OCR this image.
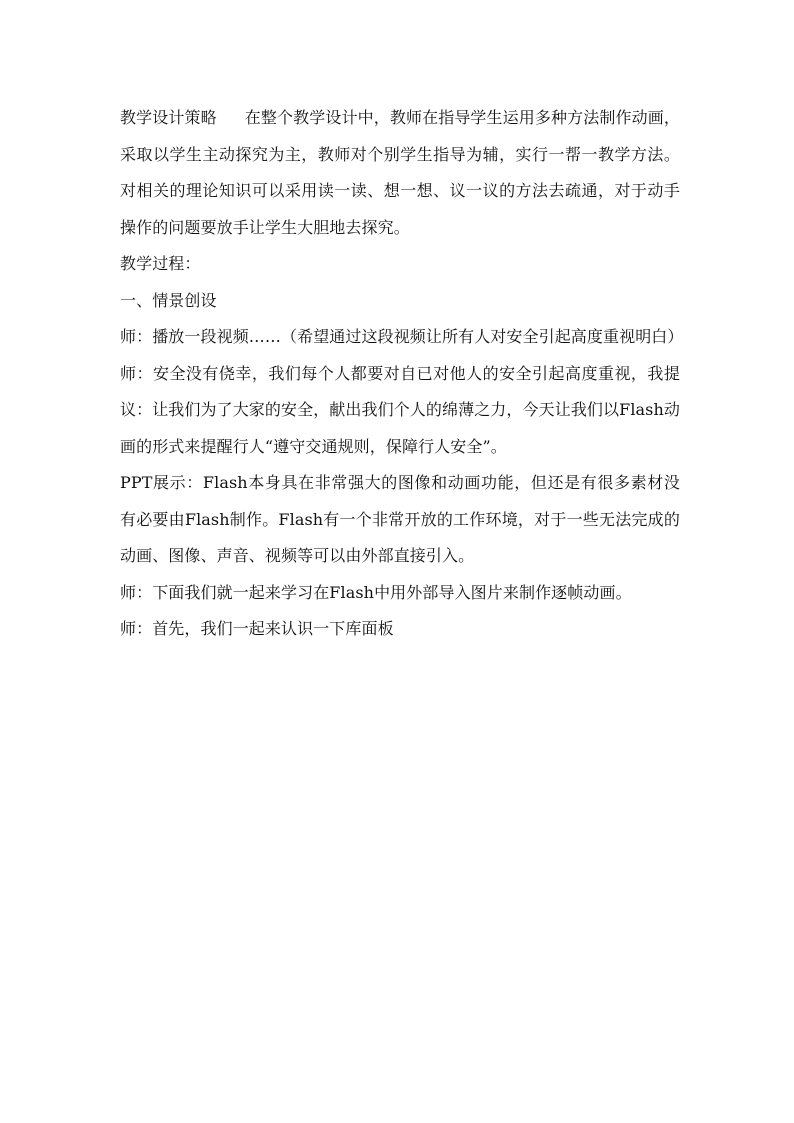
教学设计策略 在整个教学设计中，教师在指导学生运用多种方法制作动画，采取以学生主动探究为主，教师对个别学生指导为辅，实行一帮一教学方法。对相关的理论知识可以采用读一读、想一想、议一议的方法去疏通，对于动手操作的问题要放手让学生大胆地去探究。

教学过程：

一、情景创设

师：播放一段视频……（希望通过这段视频让所有人对安全引起高度重视明白）

师：安全没有侥幸，我们每个人都要对自已对他人的安全引起高度重视，我提议：让我们为了大家的安全，献出我们个人的绵薄之力，今天让我们以Flash动画的形式来提醒行人“遵守交通规则，保障行人安全”。

PPT展示：Flash本身具在非常强大的图像和动画功能，但还是有很多素材没有必要由Flash制作。Flash有一个非常开放的工作环境，对于一些无法完成的动画、图像、声音、视频等可以由外部直接引入。

师：下面我们就一起来学习在Flash中用外部导入图片来制作逐帧动画。

师：首先，我们一起来认识一下库面板
